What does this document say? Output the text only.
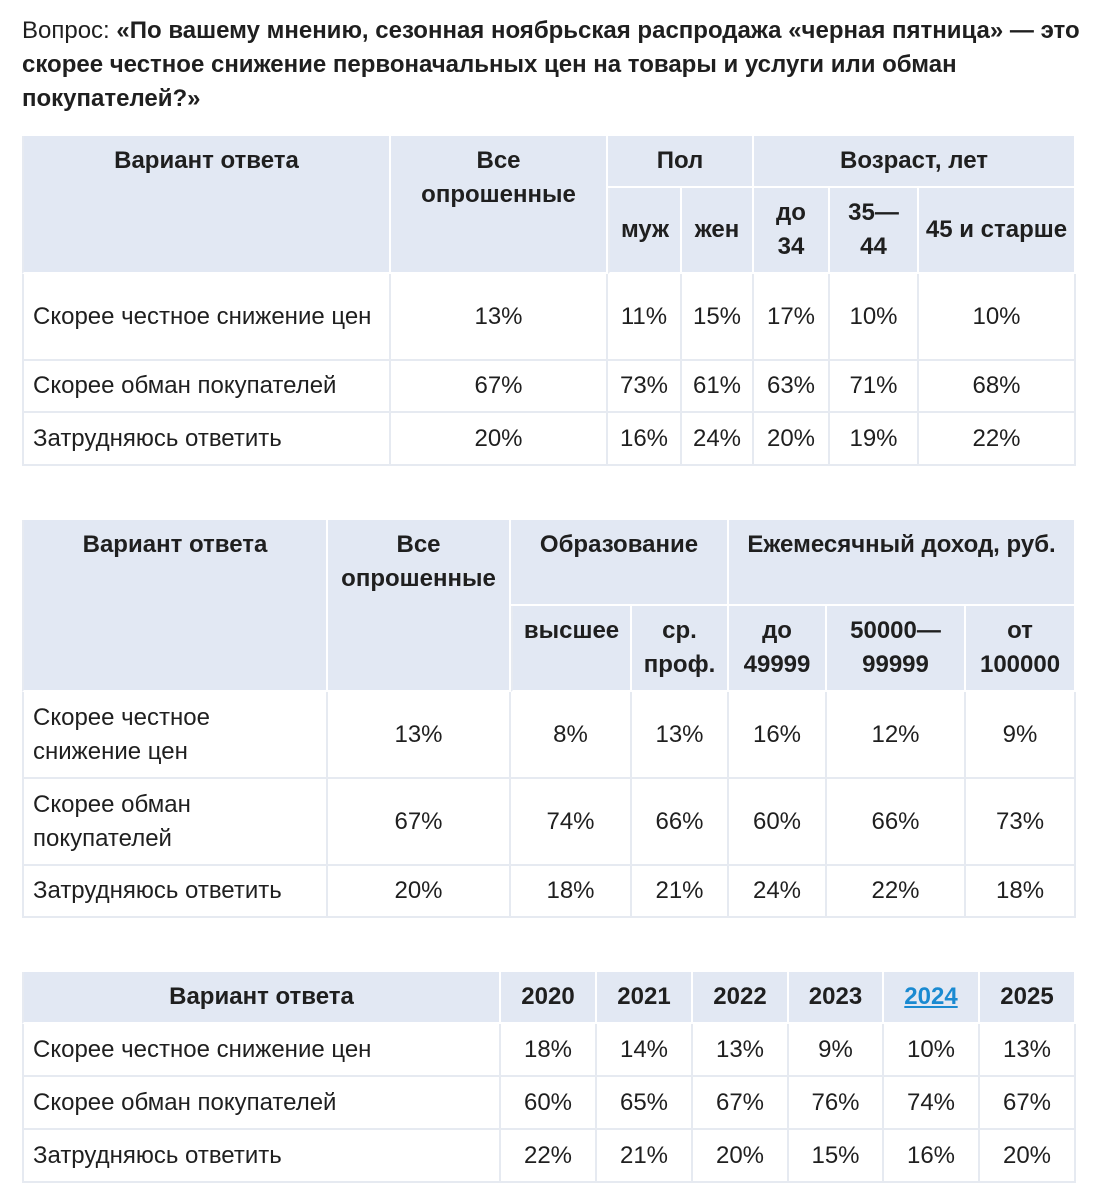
Вопрос: «По вашему мнению, сезонная ноябрьская распродажа «черная пятница» — это скорее честное снижение первоначальных цен на товары и услуги или обман покупателей?»
Вариант ответа	Все опрошенные	Пол		Возраст, лет		
		муж	жен	до 34	35—44	45 и старше
Скорее честное снижение цен	13%	11%	15%	17%	10%	10%
Скорее обман покупателей	67%	73%	61%	63%	71%	68%
Затрудняюсь ответить	20%	16%	24%	20%	19%	22%
Вариант ответа	Все опрошенные	Образование		Ежемесячный доход, руб.		
		высшее	ср. проф.	до 49999	50000— 99999	от 100000
Скорее честное снижение цен	13%	8%	13%	16%	12%	9%
Скорее обман покупателей	67%	74%	66%	60%	66%	73%
Затрудняюсь ответить	20%	18%	21%	24%	22%	18%
Вариант ответа	2020	2021	2022	2023	2024	2025
Скорее честное снижение цен	18%	14%	13%	9%	10%	13%
Скорее обман покупателей	60%	65%	67%	76%	74%	67%
Затрудняюсь ответить	22%	21%	20%	15%	16%	20%
